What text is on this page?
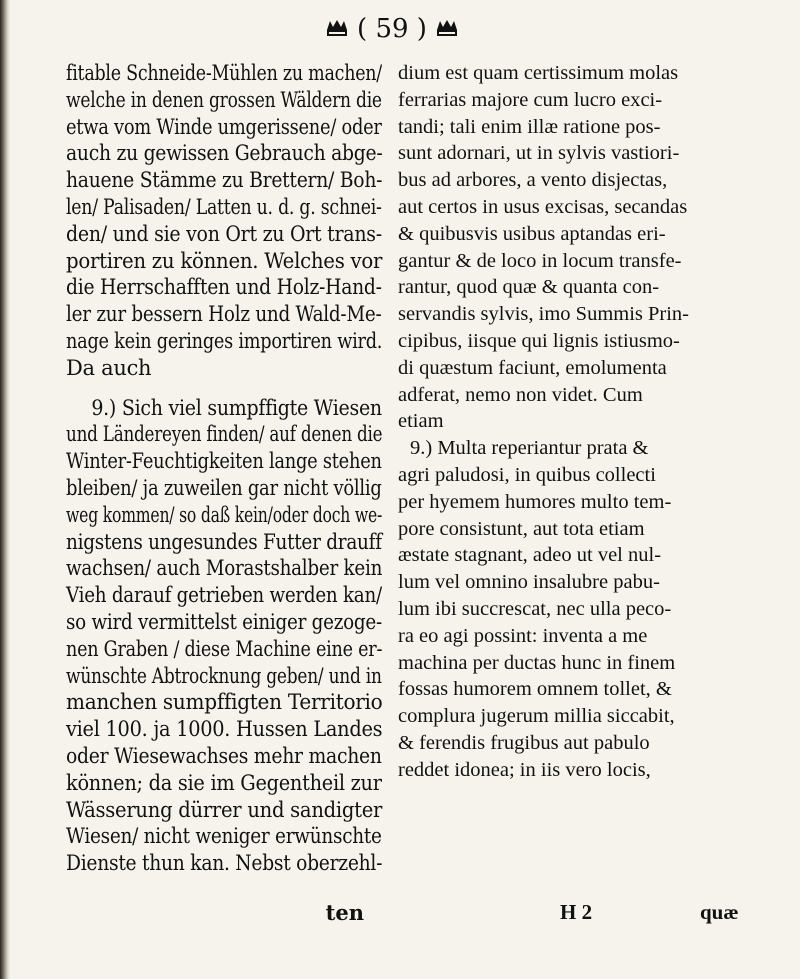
( 59 )
fitable Schneide-Mühlen zu machen/
welche in denen grossen Wäldern die
etwa vom Winde umgerissene/ oder
auch zu gewissen Gebrauch abge-
hauene Stämme zu Brettern/ Boh-
len/ Palisaden/ Latten u. d. g. schnei-
den/ und sie von Ort zu Ort trans-
portiren zu können. Welches vor
die Herrschafften und Holz-Hand-
ler zur bessern Holz und Wald-Me-
nage kein geringes importiren wird.
Da auch
9.) Sich viel sumpffigte Wiesen
und Ländereyen finden/ auf denen die
Winter-Feuchtigkeiten lange stehen
bleiben/ ja zuweilen gar nicht völlig
weg kommen/ so daß kein/oder doch we-
nigstens ungesundes Futter drauff
wachsen/ auch Morastshalber kein
Vieh darauf getrieben werden kan/
so wird vermittelst einiger gezoge-
nen Graben / diese Machine eine er-
wünschte Abtrocknung geben/ und in
manchen sumpffigten Territorio
viel 100. ja 1000. Hussen Landes
oder Wiesewachses mehr machen
können; da sie im Gegentheil zur
Wässerung dürrer und sandigter
Wiesen/ nicht weniger erwünschte
Dienste thun kan. Nebst oberzehl-
dium est quam certissimum molas
ferrarias majore cum lucro exci-
tandi; tali enim illæ ratione pos-
sunt adornari, ut in sylvis vastiori-
bus ad arbores, a vento disjectas,
aut certos in usus excisas, secandas
& quibusvis usibus aptandas eri-
gantur & de loco in locum transfe-
rantur, quod quæ & quanta con-
servandis sylvis, imo Summis Prin-
cipibus, iisque qui lignis istiusmo-
di quæstum faciunt, emolumenta
adferat, nemo non videt. Cum
etiam
9.) Multa reperiantur prata &
agri paludosi, in quibus collecti
per hyemem humores multo tem-
pore consistunt, aut tota etiam
æstate stagnant, adeo ut vel nul-
lum vel omnino insalubre pabu-
lum ibi succrescat, nec ulla peco-
ra eo agi possint: inventa a me
machina per ductas hunc in finem
fossas humorem omnem tollet, &
complura jugerum millia siccabit,
& ferendis frugibus aut pabulo
reddet idonea; in iis vero locis,
ten	H 2	quæ
